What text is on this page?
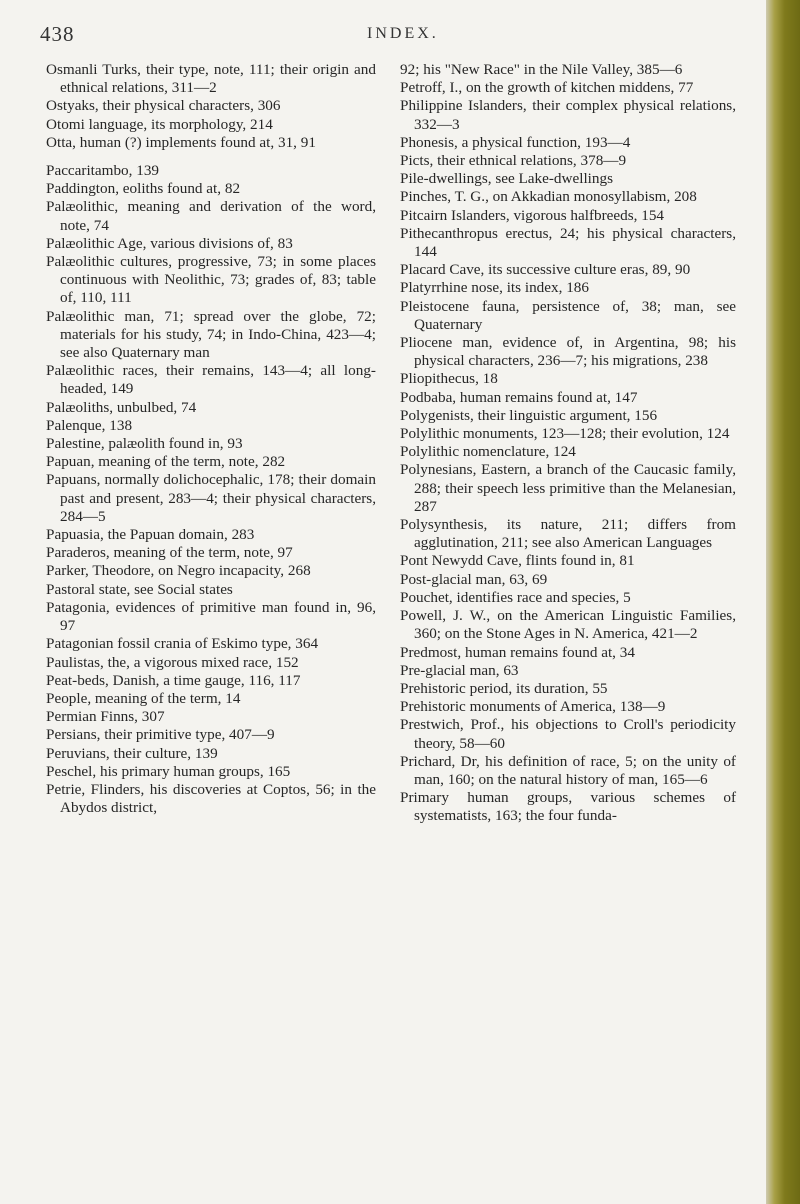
438	INDEX.
Osmanli Turks, their type, note, 111; their origin and ethnical relations, 311—2
Ostyaks, their physical characters, 306
Otomi language, its morphology, 214
Otta, human (?) implements found at, 31, 91
Paccaritambo, 139
Paddington, eoliths found at, 82
Palæolithic, meaning and derivation of the word, note, 74
Palæolithic Age, various divisions of, 83
Palæolithic cultures, progressive, 73; in some places continuous with Neolithic, 73; grades of, 83; table of, 110, 111
Palæolithic man, 71; spread over the globe, 72; materials for his study, 74; in Indo-China, 423—4; see also Quaternary man
Palæolithic races, their remains, 143—4; all long-headed, 149
Palæoliths, unbulbed, 74
Palenque, 138
Palestine, palæolith found in, 93
Papuan, meaning of the term, note, 282
Papuans, normally dolichocephalic, 178; their domain past and present, 283—4; their physical characters, 284—5
Papuasia, the Papuan domain, 283
Paraderos, meaning of the term, note, 97
Parker, Theodore, on Negro incapacity, 268
Pastoral state, see Social states
Patagonia, evidences of primitive man found in, 96, 97
Patagonian fossil crania of Eskimo type, 364
Paulistas, the, a vigorous mixed race, 152
Peat-beds, Danish, a time gauge, 116, 117
People, meaning of the term, 14
Permian Finns, 307
Persians, their primitive type, 407—9
Peruvians, their culture, 139
Peschel, his primary human groups, 165
Petrie, Flinders, his discoveries at Coptos, 56; in the Abydos district,
92; his "New Race" in the Nile Valley, 385—6
Petroff, I., on the growth of kitchen middens, 77
Philippine Islanders, their complex physical relations, 332—3
Phonesis, a physical function, 193—4
Picts, their ethnical relations, 378—9
Pile-dwellings, see Lake-dwellings
Pinches, T. G., on Akkadian monosyllabism, 208
Pitcairn Islanders, vigorous halfbreeds, 154
Pithecanthropus erectus, 24; his physical characters, 144
Placard Cave, its successive culture eras, 89, 90
Platyrrhine nose, its index, 186
Pleistocene fauna, persistence of, 38; man, see Quaternary
Pliocene man, evidence of, in Argentina, 98; his physical characters, 236—7; his migrations, 238
Pliopithecus, 18
Podbaba, human remains found at, 147
Polygenists, their linguistic argument, 156
Polylithic monuments, 123—128; their evolution, 124
Polylithic nomenclature, 124
Polynesians, Eastern, a branch of the Caucasic family, 288; their speech less primitive than the Melanesian, 287
Polysynthesis, its nature, 211; differs from agglutination, 211; see also American Languages
Pont Newydd Cave, flints found in, 81
Post-glacial man, 63, 69
Pouchet, identifies race and species, 5
Powell, J. W., on the American Linguistic Families, 360; on the Stone Ages in N. America, 421—2
Predmost, human remains found at, 34
Pre-glacial man, 63
Prehistoric period, its duration, 55
Prehistoric monuments of America, 138—9
Prestwich, Prof., his objections to Croll's periodicity theory, 58—60
Prichard, Dr, his definition of race, 5; on the unity of man, 160; on the natural history of man, 165—6
Primary human groups, various schemes of systematists, 163; the four funda-
